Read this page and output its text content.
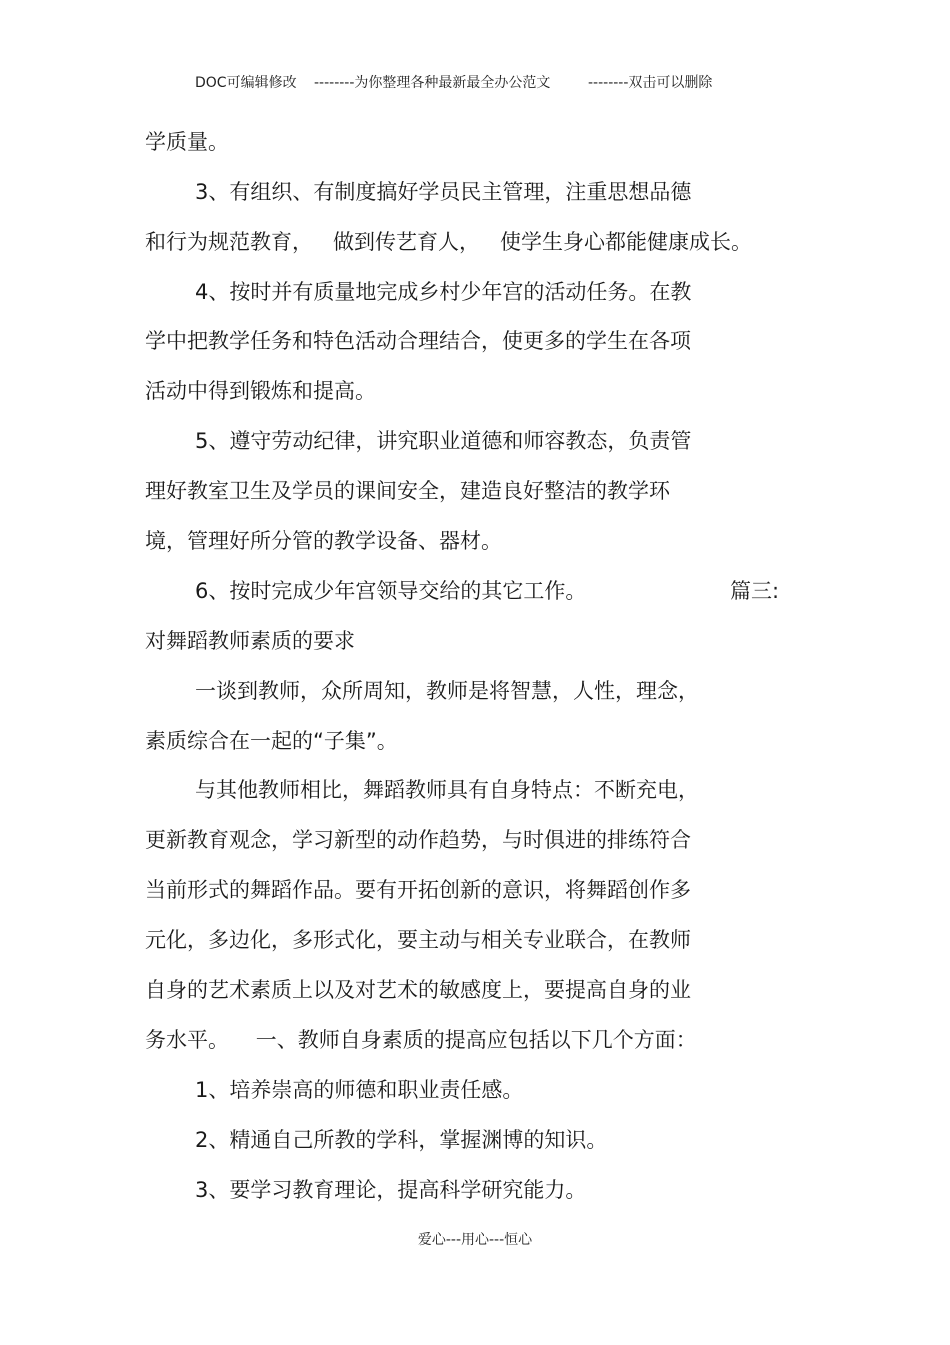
DOC可编辑修改 --------为你整理各种最新最全办公范文	--------双击可以删除
学质量。
3、有组织、有制度搞好学员民主管理，注重思想品德
和行为规范教育，   做到传艺育人，   使学生身心都能健康成长。
4、按时并有质量地完成乡村少年宫的活动任务。在教
学中把教学任务和特色活动合理结合，使更多的学生在各项
活动中得到锻炼和提高。
5、遵守劳动纪律，讲究职业道德和师容教态，负责管
理好教室卫生及学员的课间安全，建造良好整洁的教学环
境，管理好所分管的教学设备、器材。
6、按时完成少年宫领导交给的其它工作。	篇三:
对舞蹈教师素质的要求
一谈到教师，众所周知，教师是将智慧，人性，理念，
素质综合在一起的“子集”。
与其他教师相比，舞蹈教师具有自身特点：不断充电，
更新教育观念，学习新型的动作趋势，与时俱进的排练符合
当前形式的舞蹈作品。要有开拓创新的意识，将舞蹈创作多
元化，多边化，多形式化，要主动与相关专业联合，在教师
自身的艺术素质上以及对艺术的敏感度上，要提高自身的业
务水平。    一、教师自身素质的提高应包括以下几个方面：
1、培养崇高的师德和职业责任感。
2、精通自己所教的学科，掌握渊博的知识。
3、要学习教育理论，提高科学研究能力。
爱心---用心---恒心
